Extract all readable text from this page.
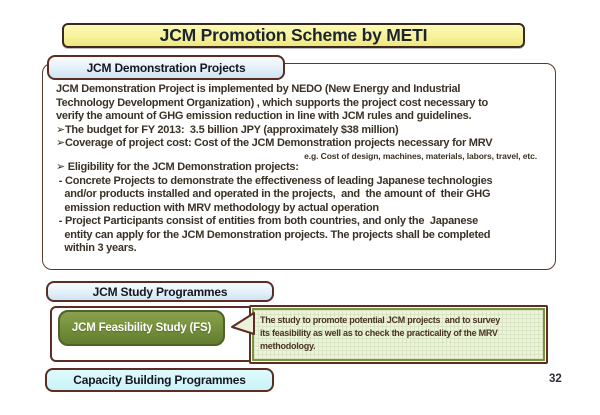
JCM Promotion Scheme by METI
JCM Demonstration Projects
JCM Demonstration Project is implemented by NEDO (New Energy and Industrial
Technology Development Organization) , which supports the project cost necessary to
verify the amount of GHG emission reduction in line with JCM rules and guidelines.
➢The budget for FY 2013:  3.5 billion JPY (approximately $38 million)
➢Coverage of project cost: Cost of the JCM Demonstration projects necessary for MRV
e.g. Cost of design, machines, materials, labors, travel, etc.
➢ Eligibility for the JCM Demonstration projects:
- Concrete Projects to demonstrate the effectiveness of leading Japanese technologies
and/or products installed and operated in the projects,  and  the amount of  their GHG
emission reduction with MRV methodology by actual operation
- Project Participants consist of entities from both countries, and only the  Japanese
entity can apply for the JCM Demonstration projects. The projects shall be completed
within 3 years.
JCM Study Programmes
JCM Feasibility Study (FS)
The study to promote potential JCM projects  and to survey
its feasibility as well as to check the practicality of the MRV
methodology.
Capacity Building Programmes	32
